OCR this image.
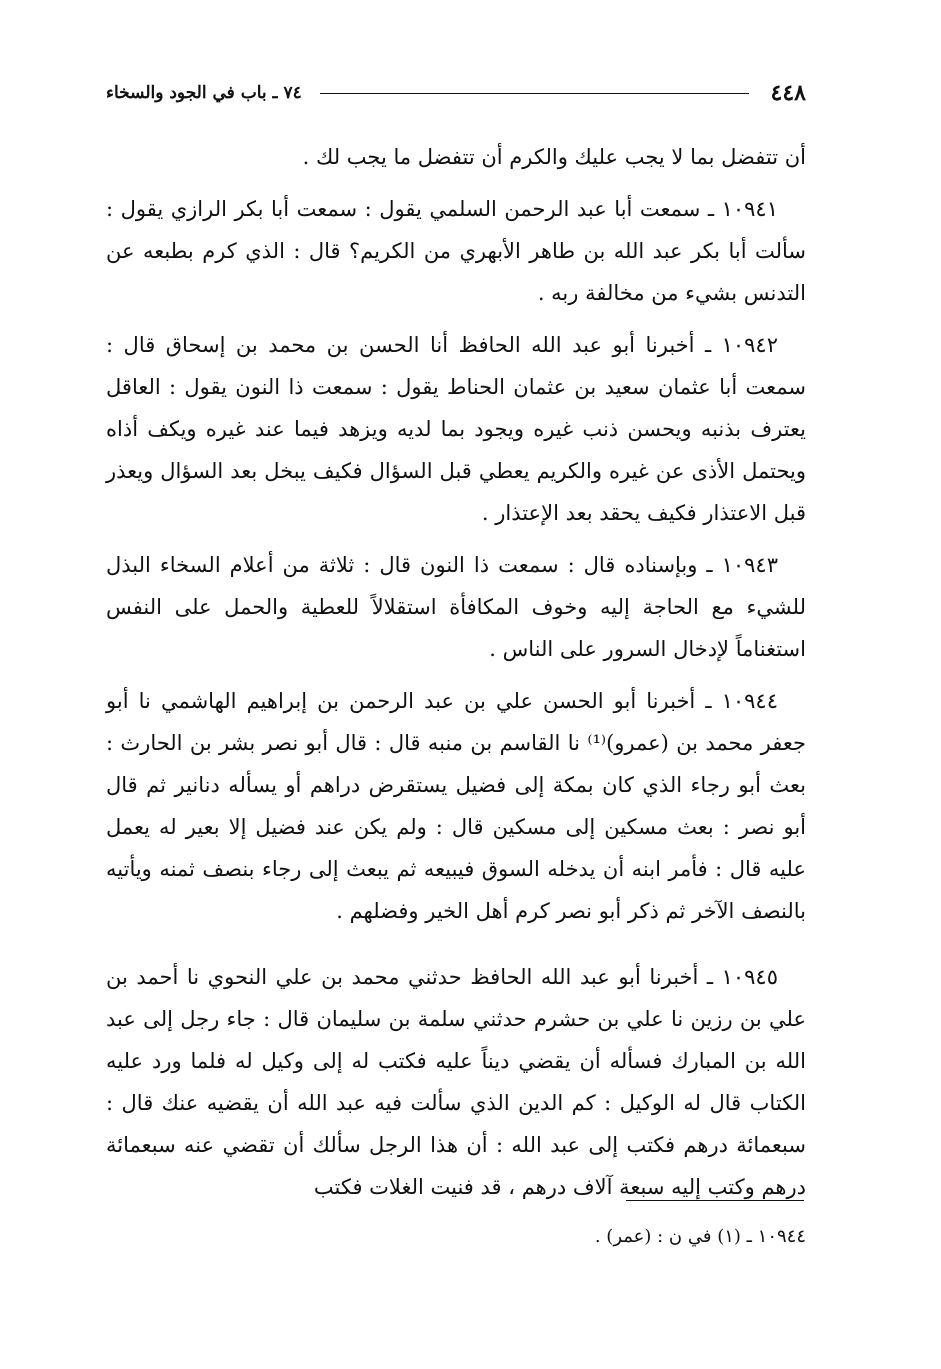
٤٤٨
٧٤ ـ باب في الجود والسخاء

أن تتفضل بما لا يجب عليك والكرم أن تتفضل ما يجب لك .

١٠٩٤١ ـ سمعت أبا عبد الرحمن السلمي يقول : سمعت أبا بكر الرازي يقول : سألت أبا بكر عبد الله بن طاهر الأبهري من الكريم؟ قال : الذي كرم بطبعه عن التدنس بشيء من مخالفة ربه .

١٠٩٤٢ ـ أخبرنا أبو عبد الله الحافظ أنا الحسن بن محمد بن إسحاق قال : سمعت أبا عثمان سعيد بن عثمان الحناط يقول : سمعت ذا النون يقول : العاقل يعترف بذنبه ويحسن ذنب غيره ويجود بما لديه ويزهد فيما عند غيره ويكف أذاه ويحتمل الأذى عن غيره والكريم يعطي قبل السؤال فكيف يبخل بعد السؤال ويعذر قبل الاعتذار فكيف يحقد بعد الإعتذار .

١٠٩٤٣ ـ وبإسناده قال : سمعت ذا النون قال : ثلاثة من أعلام السخاء البذل للشيء مع الحاجة إليه وخوف المكافأة استقلالاً للعطية والحمل على النفس استغناماً لإدخال السرور على الناس .

١٠٩٤٤ ـ أخبرنا أبو الحسن علي بن عبد الرحمن بن إبراهيم الهاشمي نا أبو جعفر محمد بن (عمرو)⁽¹⁾ نا القاسم بن منبه قال : قال أبو نصر بشر بن الحارث : بعث أبو رجاء الذي كان بمكة إلى فضيل يستقرض دراهم أو يسأله دنانير ثم قال أبو نصر : بعث مسكين إلى مسكين قال : ولم يكن عند فضيل إلا بعير له يعمل عليه قال : فأمر ابنه أن يدخله السوق فيبيعه ثم يبعث إلى رجاء بنصف ثمنه ويأتيه بالنصف الآخر ثم ذكر أبو نصر كرم أهل الخير وفضلهم .

١٠٩٤٥ ـ أخبرنا أبو عبد الله الحافظ حدثني محمد بن علي النحوي نا أحمد بن علي بن رزين نا علي بن حشرم حدثني سلمة بن سليمان قال : جاء رجل إلى عبد الله بن المبارك فسأله أن يقضي ديناً عليه فكتب له إلى وكيل له فلما ورد عليه الكتاب قال له الوكيل : كم الدين الذي سألت فيه عبد الله أن يقضيه عنك قال : سبعمائة درهم فكتب إلى عبد الله : أن هذا الرجل سألك أن تقضي عنه سبعمائة درهم وكتب إليه سبعة آلاف درهم ، قد فنيت الغلات فكتب

١٠٩٤٤ ـ (١) في ن : (عمر) .
